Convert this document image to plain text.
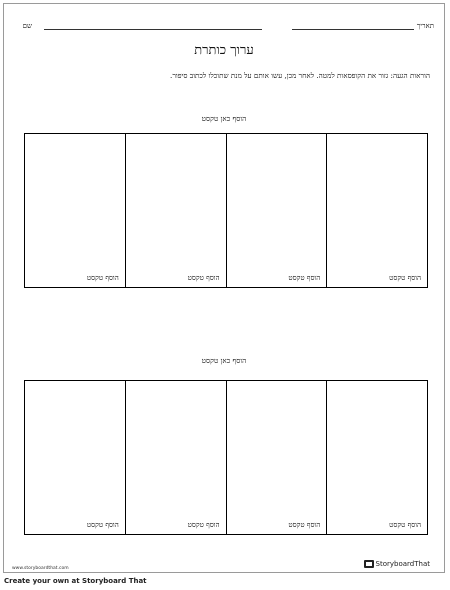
תאריך
שם
ערוך כותרת
הוראות הגעה: גזור את הקופסאות למטה. לאחר מכן, עשו אותם על מנת שתוכלו לכתוב סיפור.
הוסף כאן טקסט
הוסף טקסט
הוסף טקסט
הוסף טקסט
הוסף טקסט
הוסף כאן טקסט
הוסף טקסט
הוסף טקסט
הוסף טקסט
הוסף טקסט
www.storyboardthat.com
StoryboardThat
Create your own at Storyboard That
